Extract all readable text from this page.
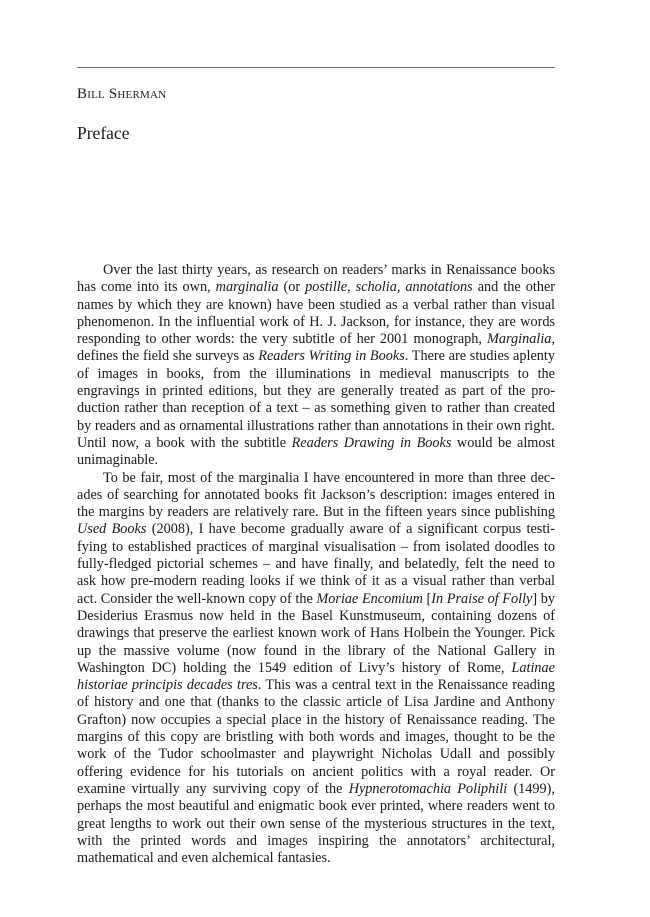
Bill Sherman
Preface

Over the last thirty years, as research on readers’ marks in Renaissance books has come into its own, marginalia (or postille, scholia, annotations and the other names by which they are known) have been studied as a verbal rather than visual phenomenon. In the influential work of H. J. Jackson, for instance, they are words responding to other words: the very subtitle of her 2001 monograph, Marginalia, defines the field she surveys as Readers Writing in Books. There are studies aplenty of images in books, from the illuminations in medieval manuscripts to the engravings in printed editions, but they are generally treated as part of the production rather than reception of a text – as something given to rather than created by readers and as ornamental illustrations rather than annotations in their own right. Until now, a book with the subtitle Readers Drawing in Books would be almost unimaginable.

To be fair, most of the marginalia I have encountered in more than three decades of searching for annotated books fit Jackson’s description: images entered in the margins by readers are relatively rare. But in the fifteen years since publishing Used Books (2008), I have become gradually aware of a significant corpus testifying to established practices of marginal visualisation – from isolated doodles to fully-fledged pictorial schemes – and have finally, and belatedly, felt the need to ask how pre-modern reading looks if we think of it as a visual rather than verbal act. Consider the well-known copy of the Moriae Encomium [In Praise of Folly] by Desiderius Erasmus now held in the Basel Kunstmuseum, containing dozens of drawings that preserve the earliest known work of Hans Holbein the Younger. Pick up the massive volume (now found in the library of the National Gallery in Washington DC) holding the 1549 edition of Livy’s history of Rome, Latinae historiae principis decades tres. This was a central text in the Renaissance reading of history and one that (thanks to the classic article of Lisa Jardine and Anthony Grafton) now occupies a special place in the history of Renaissance reading. The margins of this copy are bristling with both words and images, thought to be the work of the Tudor schoolmaster and playwright Nicholas Udall and possibly offering evidence for his tutorials on ancient politics with a royal reader. Or examine virtually any surviving copy of the Hypnerotomachia Poliphili (1499), perhaps the most beautiful and enigmatic book ever printed, where readers went to great lengths to work out their own sense of the mysterious structures in the text, with the printed words and images inspiring the annotators’ architectural, mathematical and even alchemical fantasies.
